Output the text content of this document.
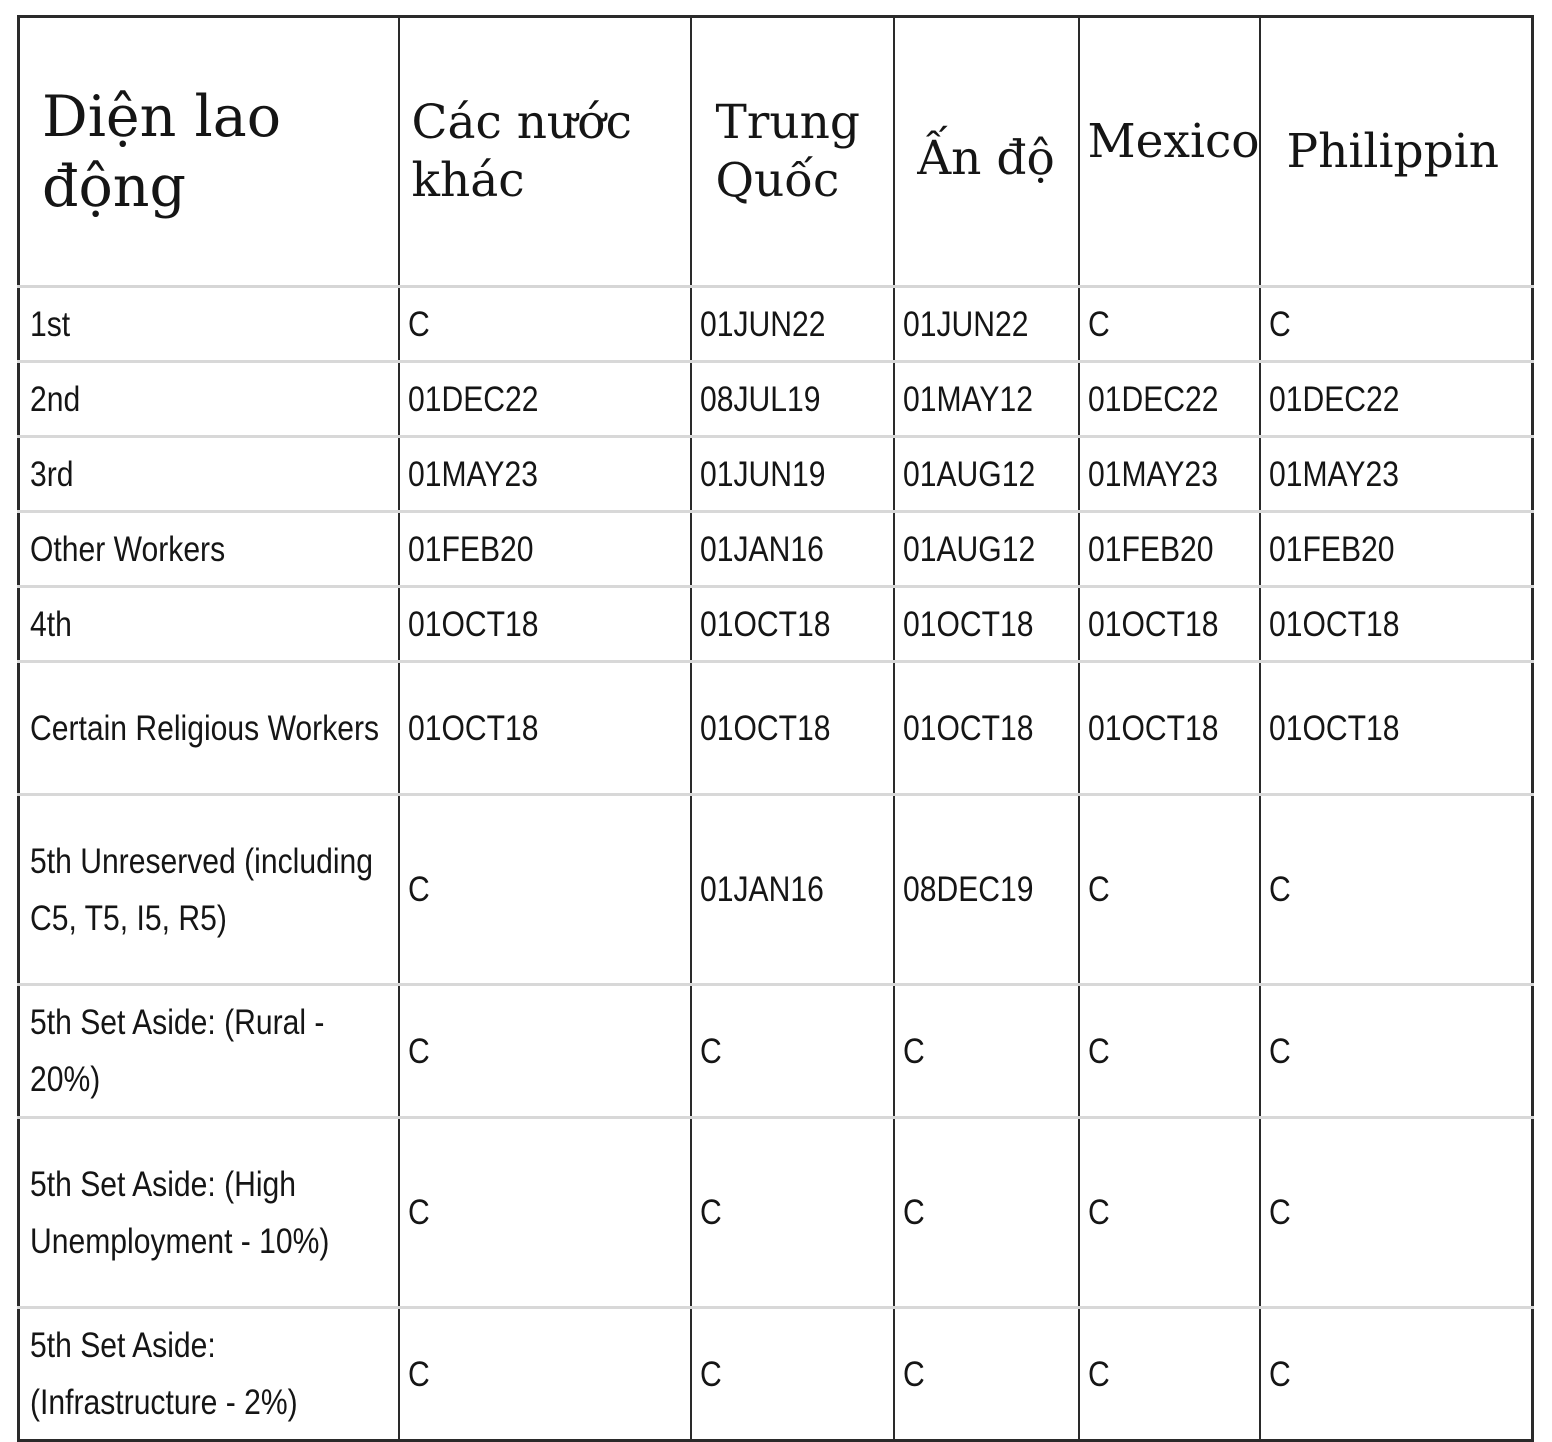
Diện lao động	Các nước khác	Trung Quốc	Ấn độ	Mexico	Philippin
1st	C	01JUN22	01JUN22	C	C
2nd	01DEC22	08JUL19	01MAY12	01DEC22	01DEC22
3rd	01MAY23	01JUN19	01AUG12	01MAY23	01MAY23
Other Workers	01FEB20	01JAN16	01AUG12	01FEB20	01FEB20
4th	01OCT18	01OCT18	01OCT18	01OCT18	01OCT18
Certain Religious Workers	01OCT18	01OCT18	01OCT18	01OCT18	01OCT18
5th Unreserved (including C5, T5, I5, R5)	C	01JAN16	08DEC19	C	C
5th Set Aside: (Rural - 20%)	C	C	C	C	C
5th Set Aside: (High Unemployment - 10%)	C	C	C	C	C
5th Set Aside: (Infrastructure - 2%)	C	C	C	C	C
